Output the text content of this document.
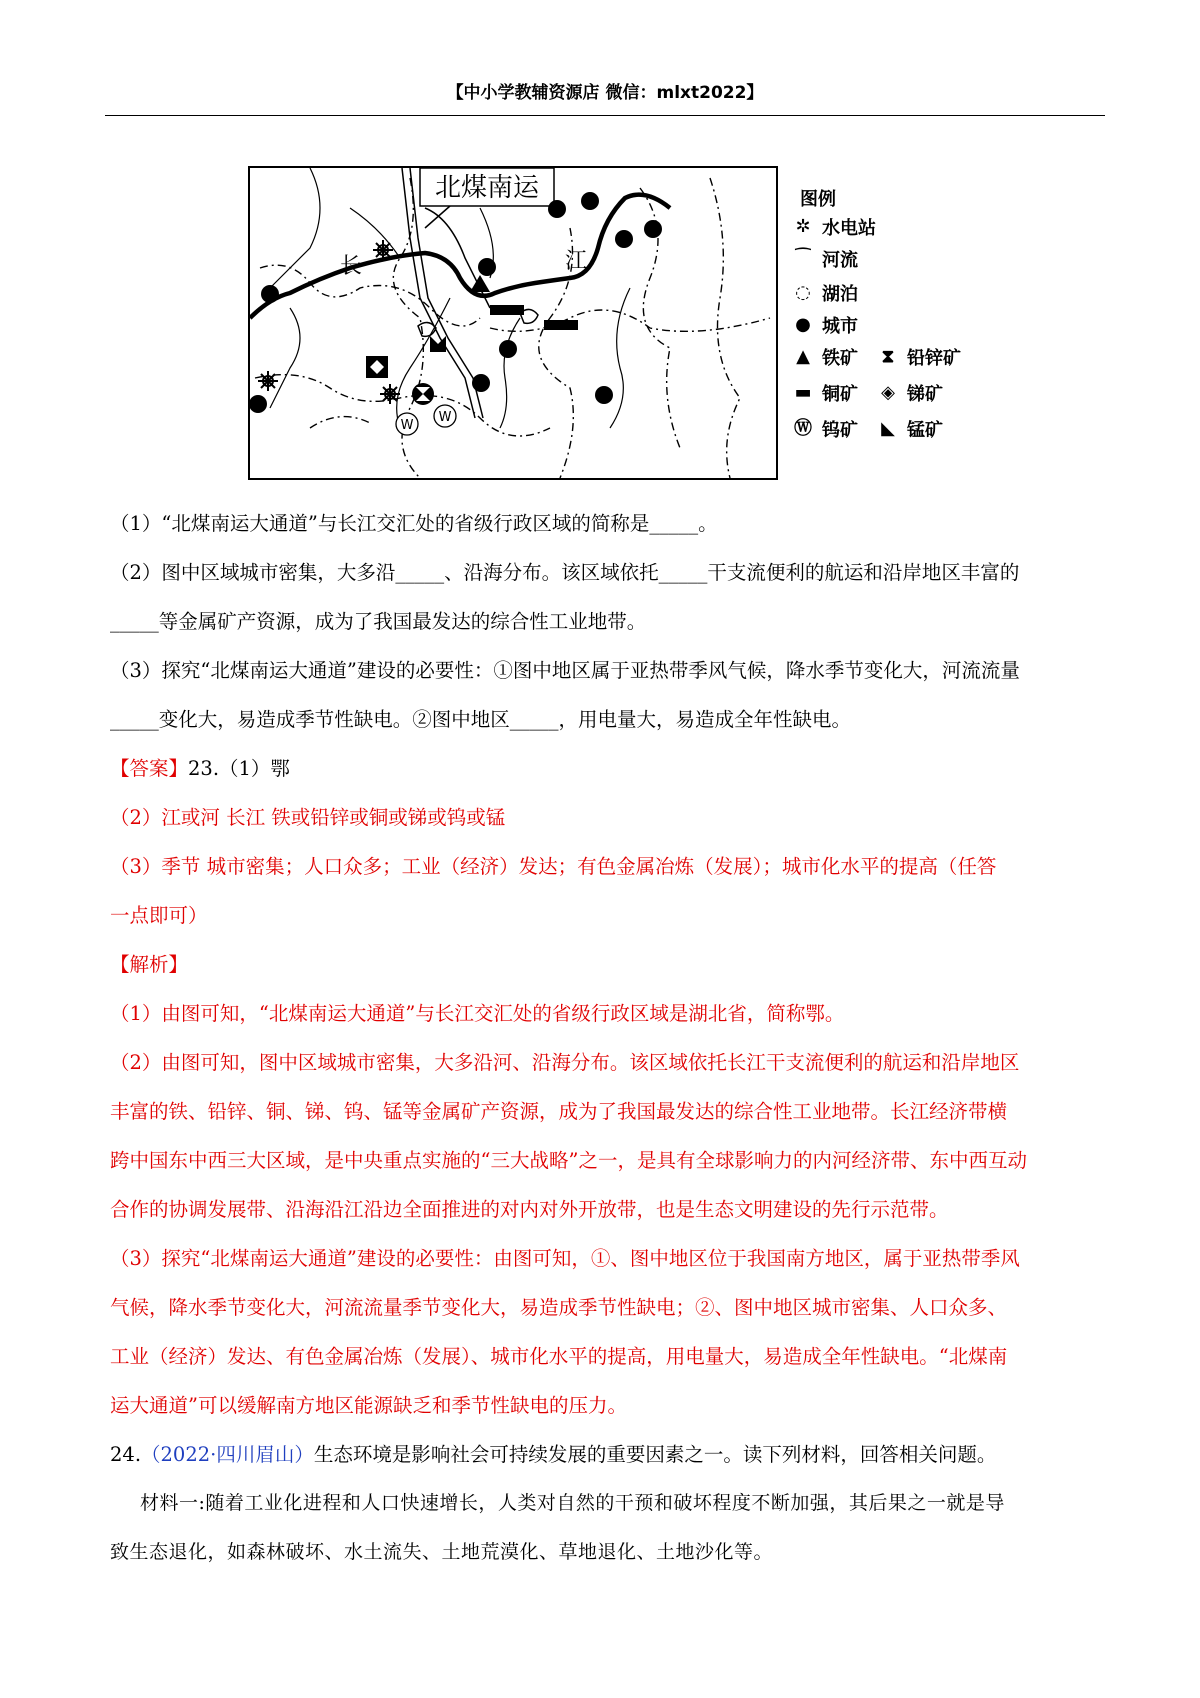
【中小学教辅资源店 微信：mlxt2022】
北煤南运
长	江
W
W
图例
✲ 水电站
⁀ 河流
◌ 湖泊
● 城市
▲ 铁矿	⧗ 铅锌矿
▬ 铜矿	◈ 锑矿
Ⓦ 钨矿	◣ 锰矿
（1）“北煤南运大通道”与长江交汇处的省级行政区域的简称是_____。
（2）图中区域城市密集，大多沿_____、沿海分布。该区域依托_____干支流便利的航运和沿岸地区丰富的
_____等金属矿产资源，成为了我国最发达的综合性工业地带。
（3）探究“北煤南运大通道”建设的必要性：①图中地区属于亚热带季风气候，降水季节变化大，河流流量
_____变化大，易造成季节性缺电。②图中地区_____，用电量大，易造成全年性缺电。
【答案】23.（1）鄂
（2）江或河 长江 铁或铅锌或铜或锑或钨或锰
（3）季节 城市密集；人口众多；工业（经济）发达；有色金属冶炼（发展）；城市化水平的提高（任答
一点即可）
【解析】
（1）由图可知，“北煤南运大通道”与长江交汇处的省级行政区域是湖北省，简称鄂。
（2）由图可知，图中区域城市密集，大多沿河、沿海分布。该区域依托长江干支流便利的航运和沿岸地区
丰富的铁、铅锌、铜、锑、钨、锰等金属矿产资源，成为了我国最发达的综合性工业地带。长江经济带横
跨中国东中西三大区域，是中央重点实施的“三大战略”之一，是具有全球影响力的内河经济带、东中西互动
合作的协调发展带、沿海沿江沿边全面推进的对内对外开放带，也是生态文明建设的先行示范带。
（3）探究“北煤南运大通道”建设的必要性：由图可知，①、图中地区位于我国南方地区，属于亚热带季风
气候，降水季节变化大，河流流量季节变化大，易造成季节性缺电；②、图中地区城市密集、人口众多、
工业（经济）发达、有色金属冶炼（发展）、城市化水平的提高，用电量大，易造成全年性缺电。“北煤南
运大通道”可以缓解南方地区能源缺乏和季节性缺电的压力。
24.（2022·四川眉山）生态环境是影响社会可持续发展的重要因素之一。读下列材料，回答相关问题。
材料一:随着工业化进程和人口快速增长，人类对自然的干预和破坏程度不断加强，其后果之一就是导
致生态退化，如森林破坏、水土流失、土地荒漠化、草地退化、土地沙化等。
